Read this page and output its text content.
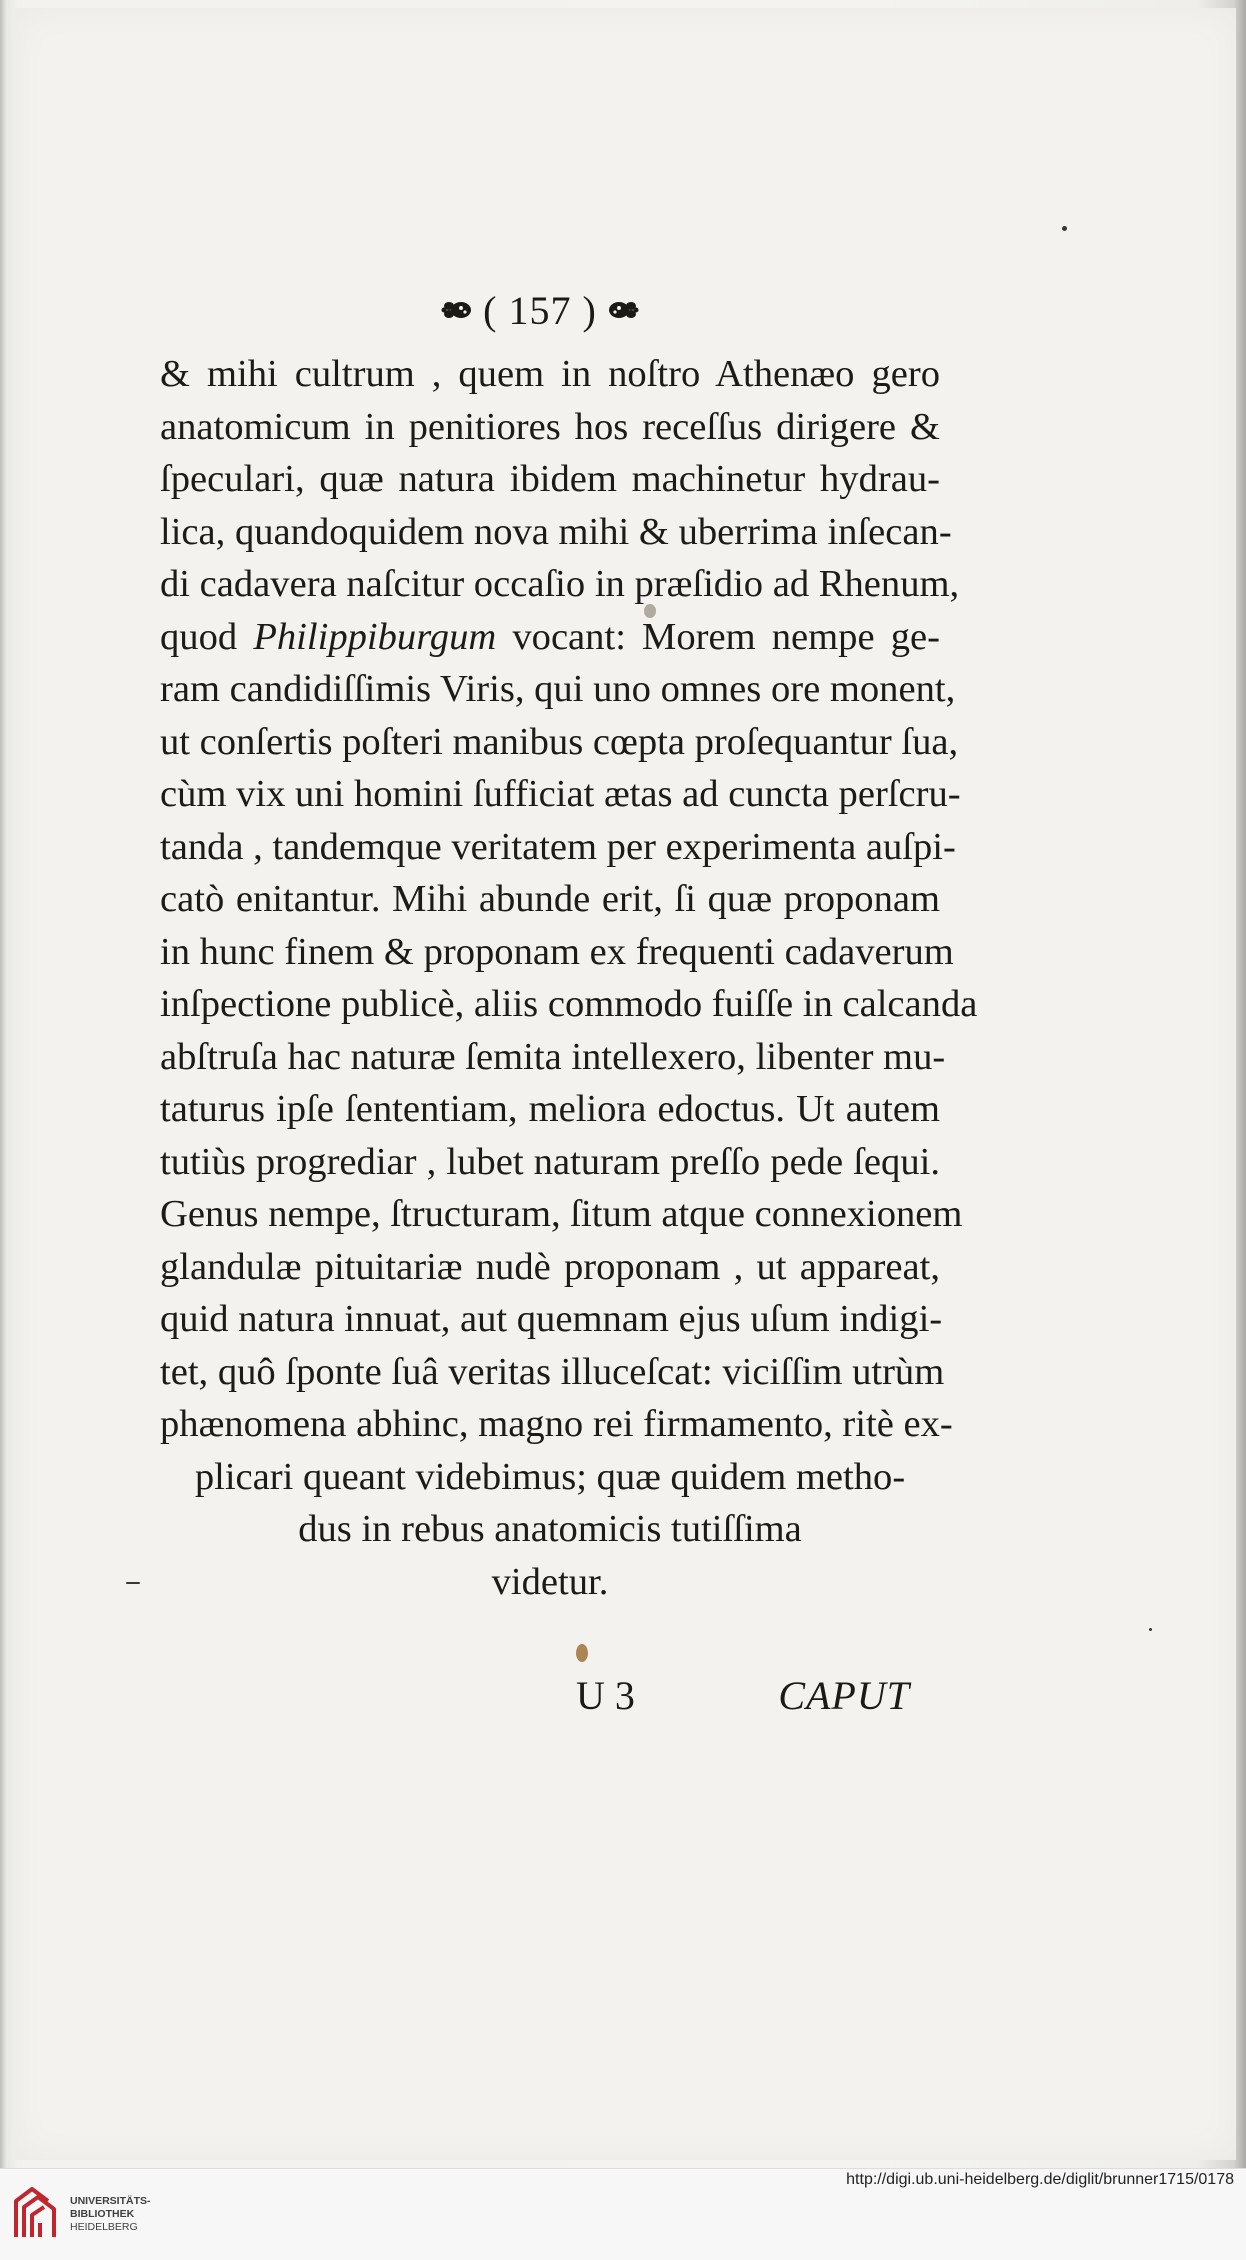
( 157 )
& mihi cultrum , quem in noſtro Athenæo gero
anatomicum in penitiores hos receſſus dirigere &
ſpeculari, quæ natura ibidem machinetur hydrau-
lica, quandoquidem nova mihi & uberrima inſecan-
di cadavera naſcitur occaſio in præſidio ad Rhenum,
quod Philippiburgum vocant: Morem nempe ge-
ram candidiſſimis Viris, qui uno omnes ore monent,
ut conſertis poſteri manibus cœpta proſequantur ſua,
cùm vix uni homini ſufficiat ætas ad cuncta perſcru-
tanda , tandemque veritatem per experimenta auſpi-
catò enitantur. Mihi abunde erit, ſi quæ proponam
in hunc finem & proponam ex frequenti cadaverum
inſpectione publicè, aliis commodo fuiſſe in calcanda
abſtruſa hac naturæ ſemita intellexero, libenter mu-
taturus ipſe ſententiam, meliora edoctus. Ut autem
tutiùs progrediar , lubet naturam preſſo pede ſequi.
Genus nempe, ſtructuram, ſitum atque connexionem
glandulæ pituitariæ nudè proponam , ut appareat,
quid natura innuat, aut quemnam ejus uſum indigi-
tet, quô ſponte ſuâ veritas illuceſcat: viciſſim utrùm
phænomena abhinc, magno rei firmamento, ritè ex-
plicari queant videbimus; quæ quidem metho-
dus in rebus anatomicis tutiſſima
videtur.
U 3	CAPUT
UNIVERSITÄTS-
BIBLIOTHEK
HEIDELBERG
http://digi.ub.uni-heidelberg.de/diglit/brunner1715/0178
